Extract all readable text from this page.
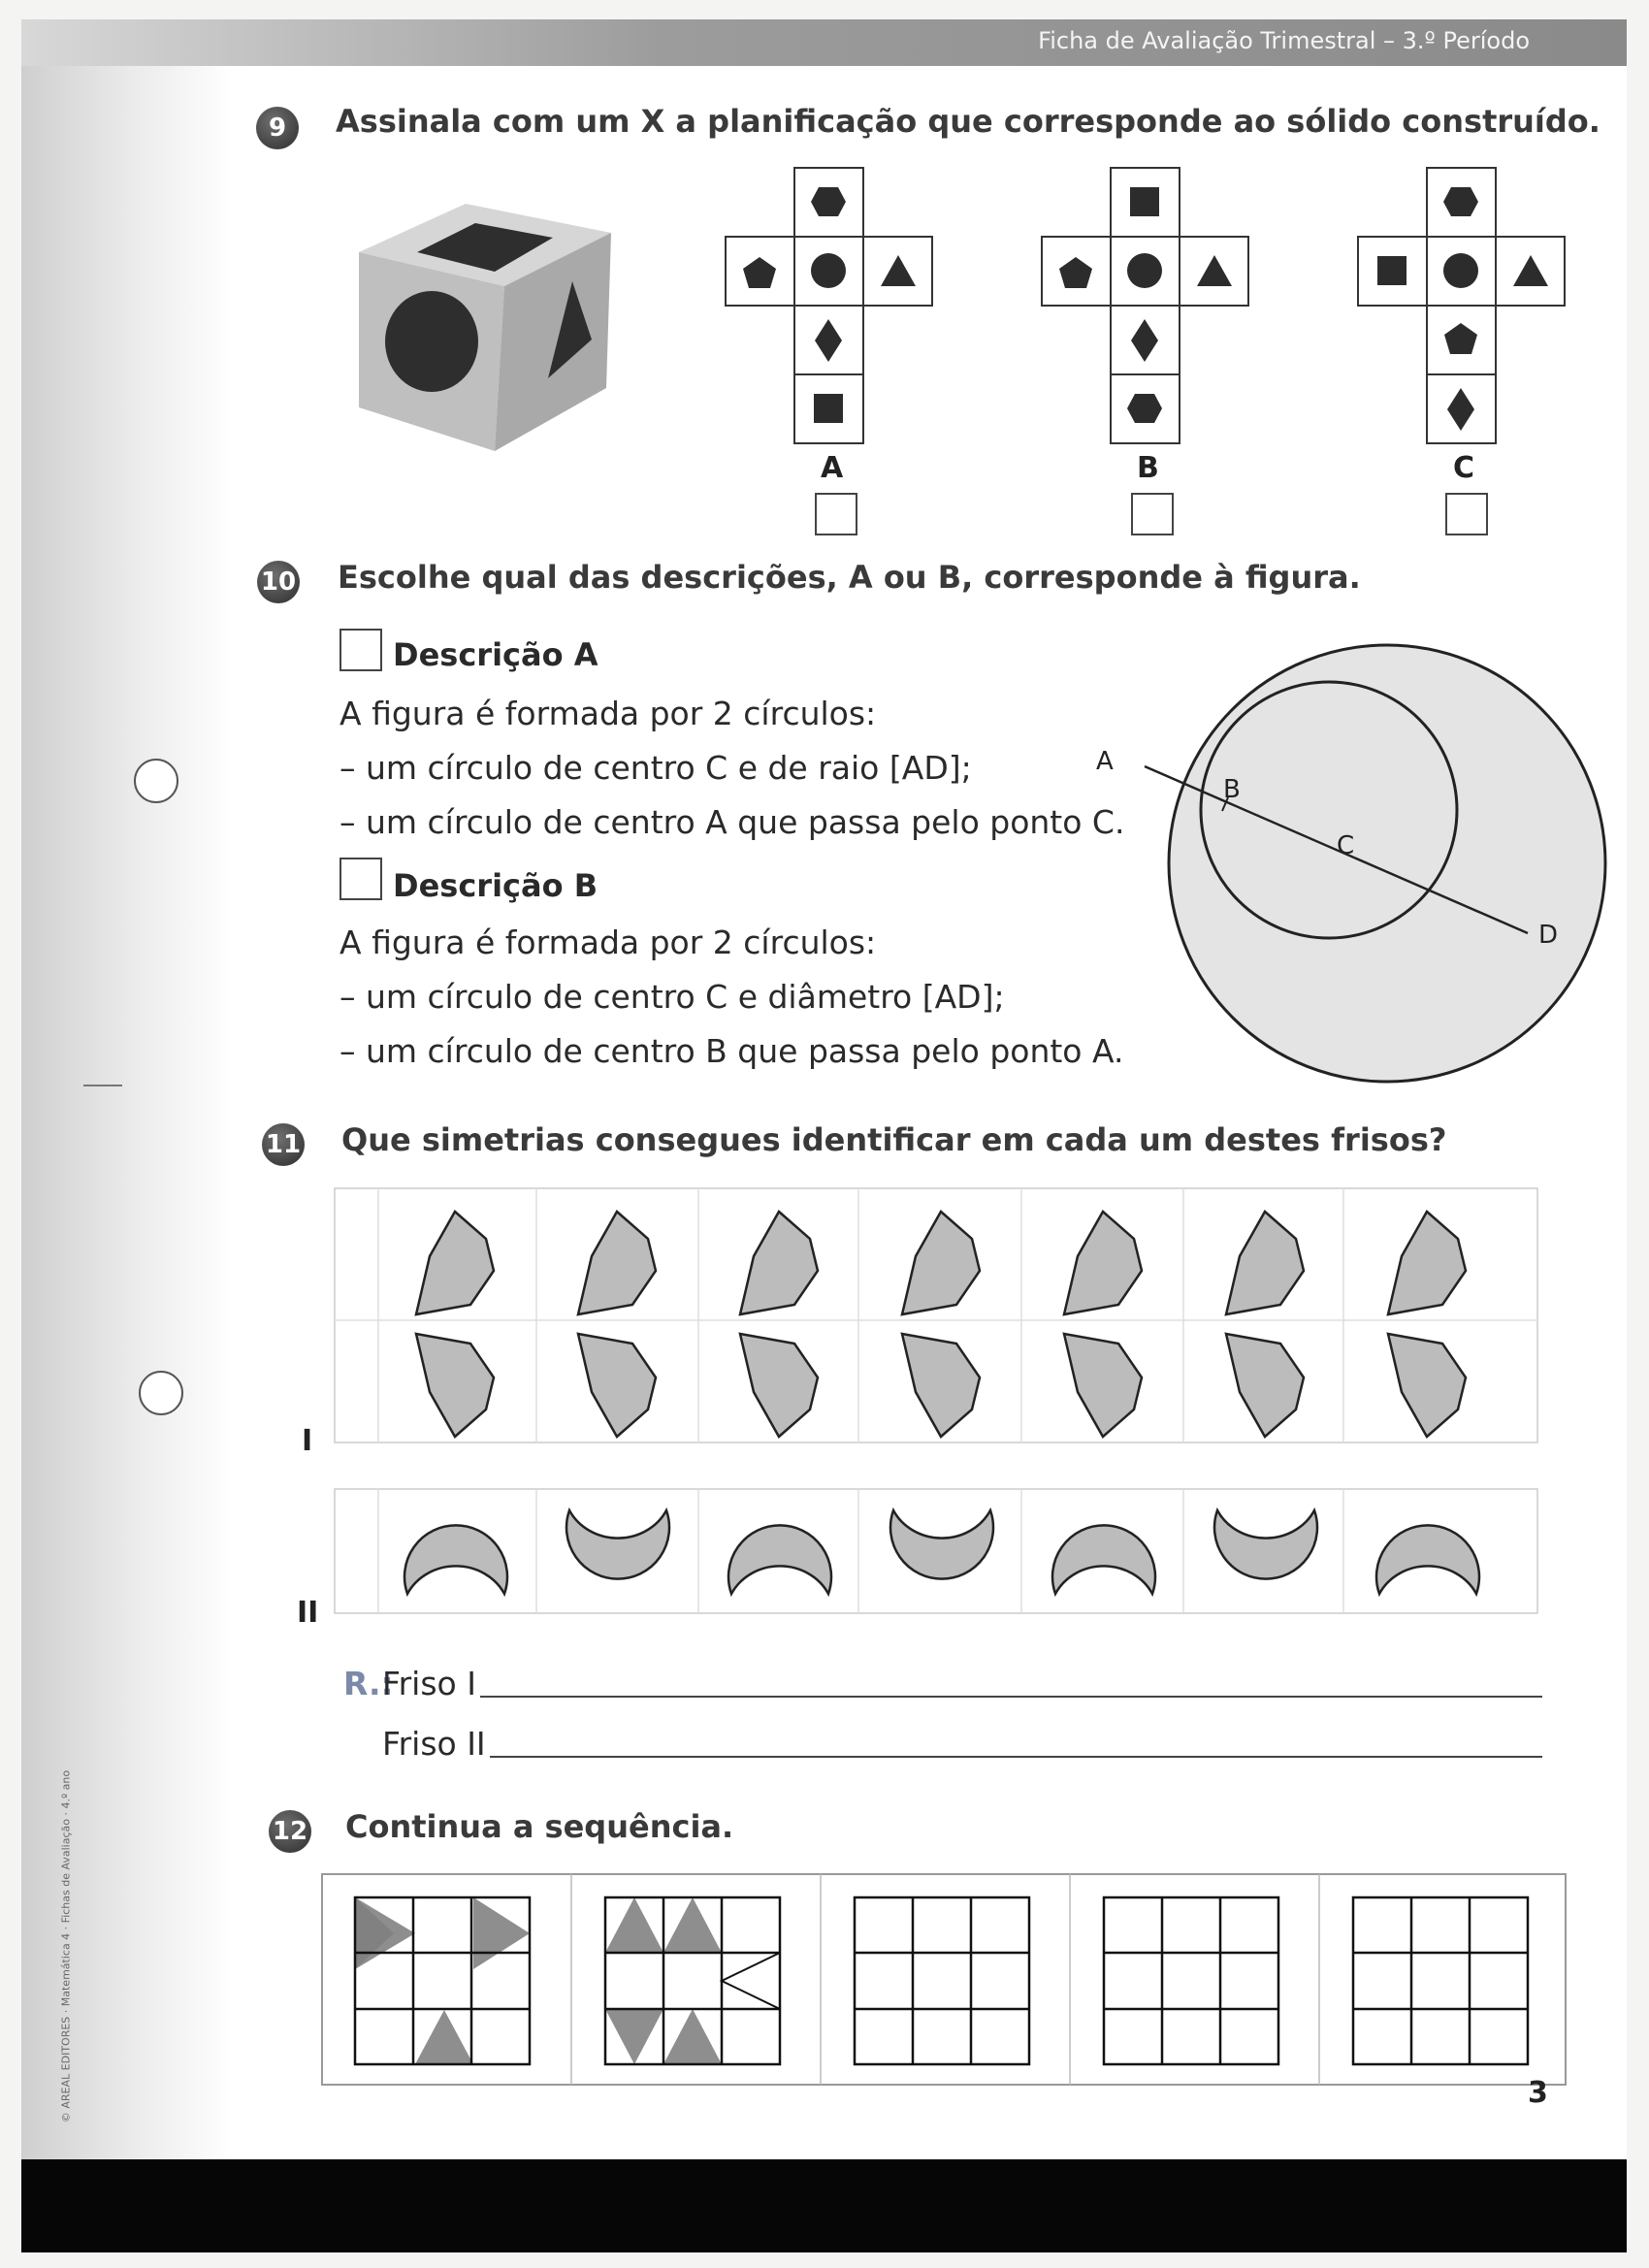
Ficha de Avaliação Trimestral – 3.º Período
9	Assinala com um X a planificação que corresponde ao sólido construído.
A	B	C
10 Escolhe qual das descrições, A ou B, corresponde à figura.
Descrição A
A figura é formada por 2 círculos:
– um círculo de centro C e de raio [AD];
– um círculo de centro A que passa pelo ponto C.
Descrição B
A figura é formada por 2 círculos:
– um círculo de centro C e diâmetro [AD];
– um círculo de centro B que passa pelo ponto A.
A
B
C
D
11 Que simetrias consegues identificar em cada um destes frisos?
I
II
R.:
Friso I
Friso II
12 Continua a sequência.
3
© AREAL EDITORES · Matemática 4 · Fichas de Avaliação · 4.º ano
